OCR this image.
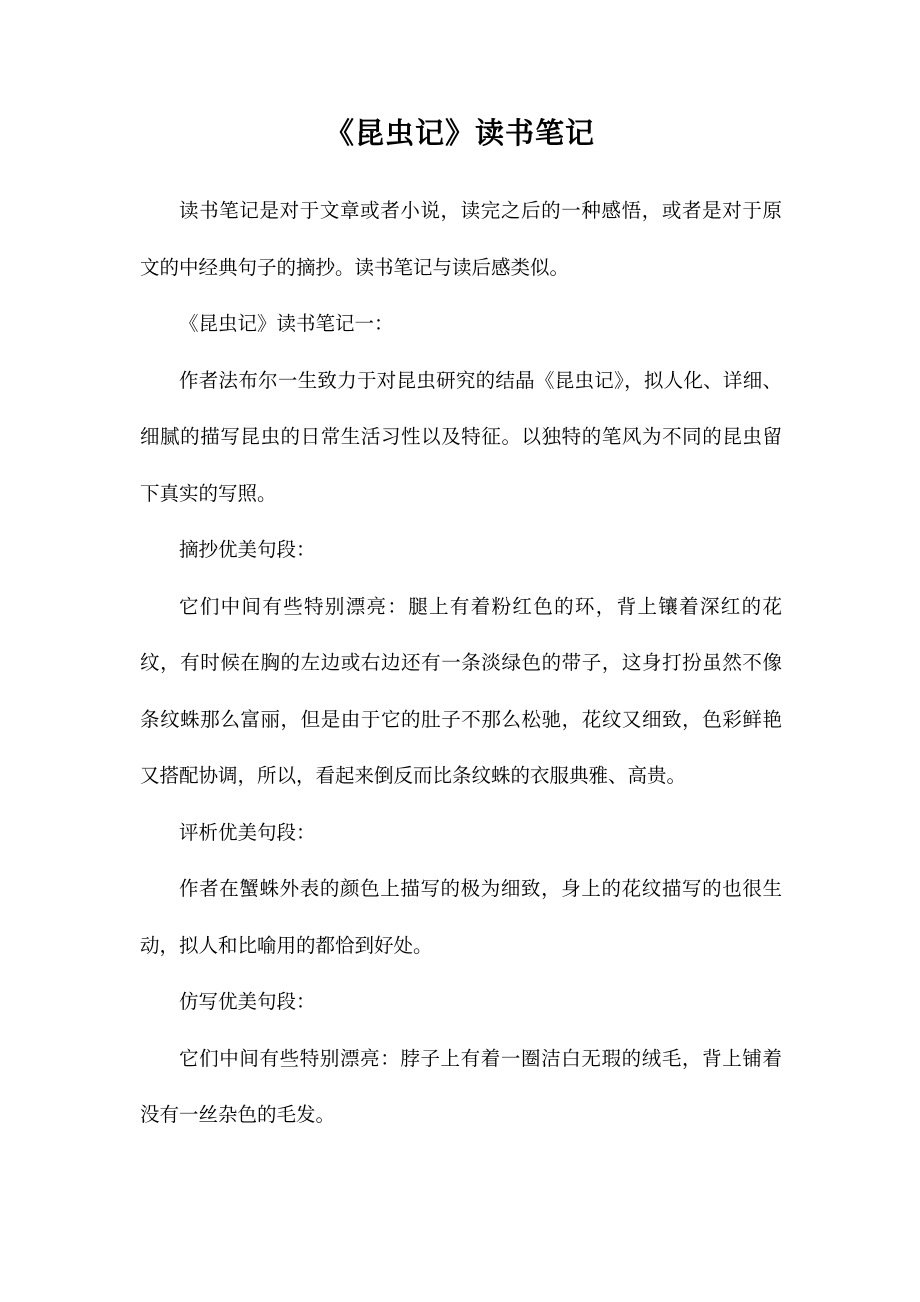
《昆虫记》读书笔记

读书笔记是对于文章或者小说，读完之后的一种感悟，或者是对于原文的中经典句子的摘抄。读书笔记与读后感类似。

《昆虫记》读书笔记一：

作者法布尔一生致力于对昆虫研究的结晶《昆虫记》，拟人化、详细、细腻的描写昆虫的日常生活习性以及特征。以独特的笔风为不同的昆虫留下真实的写照。

摘抄优美句段：

它们中间有些特别漂亮：腿上有着粉红色的环，背上镶着深红的花纹，有时候在胸的左边或右边还有一条淡绿色的带子，这身打扮虽然不像条纹蛛那么富丽，但是由于它的肚子不那么松驰，花纹又细致，色彩鲜艳又搭配协调，所以，看起来倒反而比条纹蛛的衣服典雅、高贵。

评析优美句段：

作者在蟹蛛外表的颜色上描写的极为细致，身上的花纹描写的也很生动，拟人和比喻用的都恰到好处。

仿写优美句段：

它们中间有些特别漂亮：脖子上有着一圈洁白无瑕的绒毛，背上铺着没有一丝杂色的毛发。
